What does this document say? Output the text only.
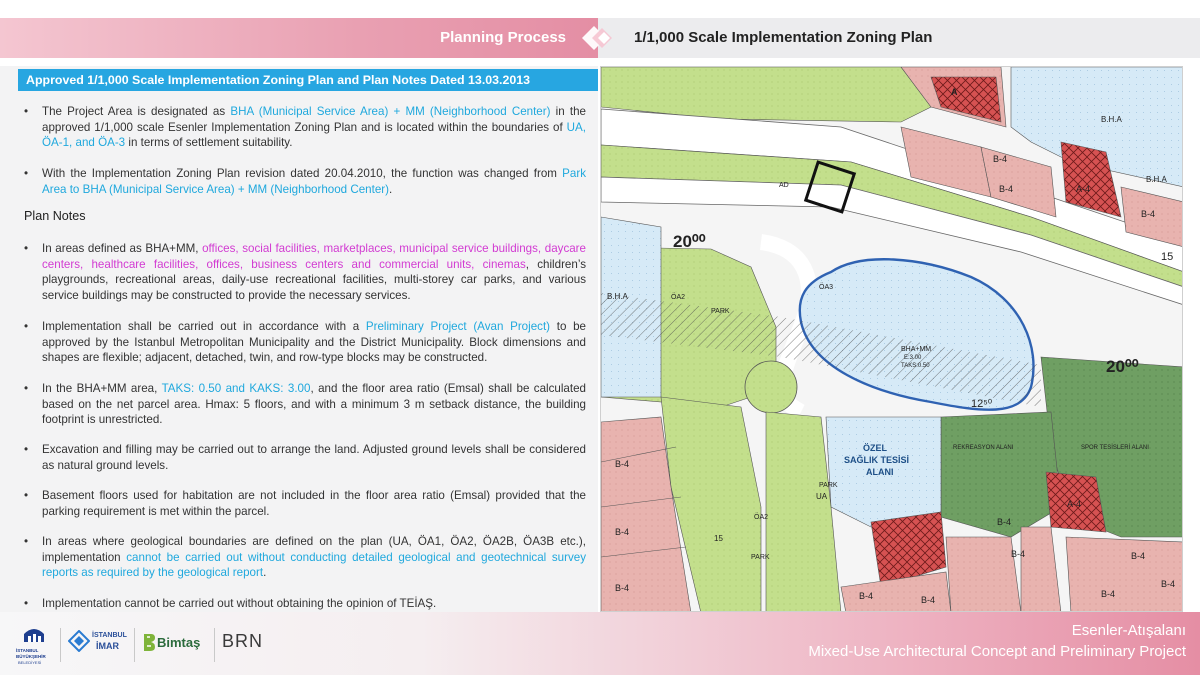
Planning Process	1/1,000 Scale Implementation Zoning Plan
Approved 1/1,000 Scale Implementation Zoning Plan and Plan Notes Dated 13.03.2013
• The Project Area is designated as BHA (Municipal Service Area) + MM (Neighborhood Center) in the approved 1/1,000 scale Esenler Implementation Zoning Plan and is located within the boundaries of UA, ÖA-1, and ÖA-3 in terms of settlement suitability.
• With the Implementation Zoning Plan revision dated 20.04.2010, the function was changed from Park Area to BHA (Municipal Service Area) + MM (Neighborhood Center).
Plan Notes
• In areas defined as BHA+MM, offices, social facilities, marketplaces, municipal service buildings, daycare centers, healthcare facilities, offices, business centers and commercial units, cinemas, children’s playgrounds, recreational areas, daily-use recreational facilities, multi-storey car parks, and various service buildings may be constructed to provide the necessary services.
• Implementation shall be carried out in accordance with a Preliminary Project (Avan Project) to be approved by the Istanbul Metropolitan Municipality and the District Municipality. Block dimensions and shapes are flexible; adjacent, detached, twin, and row-type blocks may be constructed.
• In the BHA+MM area, TAKS: 0.50 and KAKS: 3.00, and the floor area ratio (Emsal) shall be calculated based on the net parcel area. Hmax: 5 floors, and with a minimum 3 m setback distance, the building footprint is unrestricted.
• Excavation and filling may be carried out to arrange the land. Adjusted ground levels shall be considered as natural ground levels.
• Basement floors used for habitation are not included in the floor area ratio (Emsal) provided that the parking requirement is met within the parcel.
• In areas where geological boundaries are defined on the plan (UA, ÖA1, ÖA2, ÖA2B, ÖA3B etc.), implementation cannot be carried out without conducting detailed geological and geotechnical survey reports as required by the geological report.
• Implementation cannot be carried out without obtaining the opinion of TEİAŞ.
20⁰⁰
20⁰⁰
15
12⁵⁰
BHA+MM
E:3.00
TAKS:0.50
ÖA3
ÖA2
ÖA2
UA
PARK
PARK
PARK
B.H.A
B.H.A
B.H.A
A
A-4
A-4
B-4
B-4
B-4
B-4
B-4
B-4
B-4
B-4	B-4
B-4	B-4
B-4
B-4
ÖZEL
SAĞLIK TESİSİ
ALANI
REKREASYON ALANI	SPOR TESİSLERİ ALANI
AD
15
İSTANBUL
BÜYÜKŞEHİR
BELEDİYESİ
İSTANBUL
İMAR	Bimtaş BRN
Esenler-Atışalanı
Mixed-Use Architectural Concept and Preliminary Project
